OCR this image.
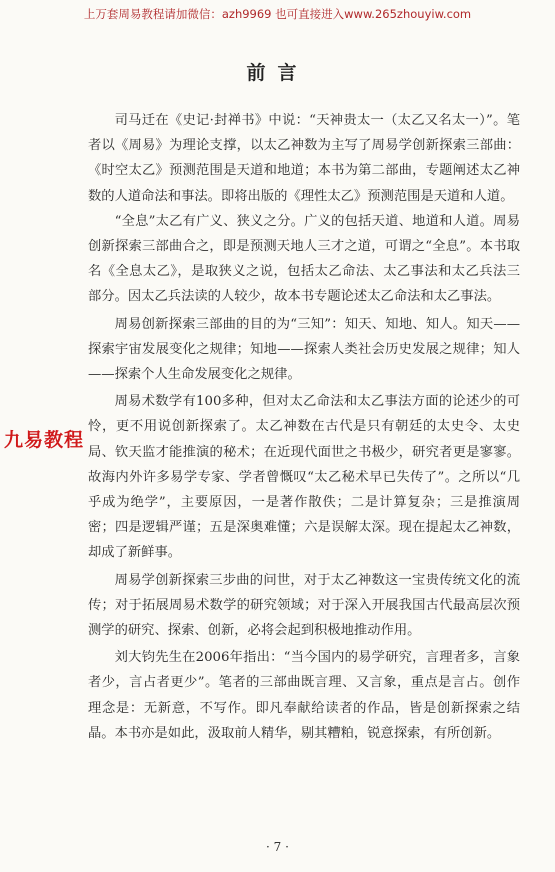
上万套周易教程请加微信：azh9969 也可直接进入www.265zhouyiw.com
前言

司马迁在《史记·封禅书》中说：“天神贵太一（太乙又名太一）”。笔者以《周易》为理论支撑，以太乙神数为主写了周易学创新探索三部曲：《时空太乙》预测范围是天道和地道；本书为第二部曲，专题阐述太乙神数的人道命法和事法。即将出版的《理性太乙》预测范围是天道和人道。

“全息”太乙有广义、狭义之分。广义的包括天道、地道和人道。周易创新探索三部曲合之，即是预测天地人三才之道，可谓之“全息”。本书取名《全息太乙》，是取狭义之说，包括太乙命法、太乙事法和太乙兵法三部分。因太乙兵法读的人较少，故本书专题论述太乙命法和太乙事法。

周易创新探索三部曲的目的为“三知”：知天、知地、知人。知天——探索宇宙发展变化之规律；知地——探索人类社会历史发展之规律；知人——探索个人生命发展变化之规律。

周易术数学有100多种，但对太乙命法和太乙事法方面的论述少的可怜，更不用说创新探索了。太乙神数在古代是只有朝廷的太史令、太史局、钦天监才能推演的秘术；在近现代面世之书极少，研究者更是寥寥。故海内外许多易学专家、学者曾慨叹“太乙秘术早已失传了”。之所以“几乎成为绝学”，主要原因，一是著作散佚；二是计算复杂；三是推演周密；四是逻辑严谨；五是深奥难懂；六是误解太深。现在提起太乙神数，却成了新鲜事。

周易学创新探索三步曲的问世，对于太乙神数这一宝贵传统文化的流传；对于拓展周易术数学的研究领域；对于深入开展我国古代最高层次预测学的研究、探索、创新，必将会起到积极地推动作用。

刘大钧先生在2006年指出：“当今国内的易学研究，言理者多，言象者少，言占者更少”。笔者的三部曲既言理、又言象，重点是言占。创作理念是：无新意，不写作。即凡奉献给读者的作品，皆是创新探索之结晶。本书亦是如此，汲取前人精华，剔其糟粕，锐意探索，有所创新。

九易教程
· 7 ·
